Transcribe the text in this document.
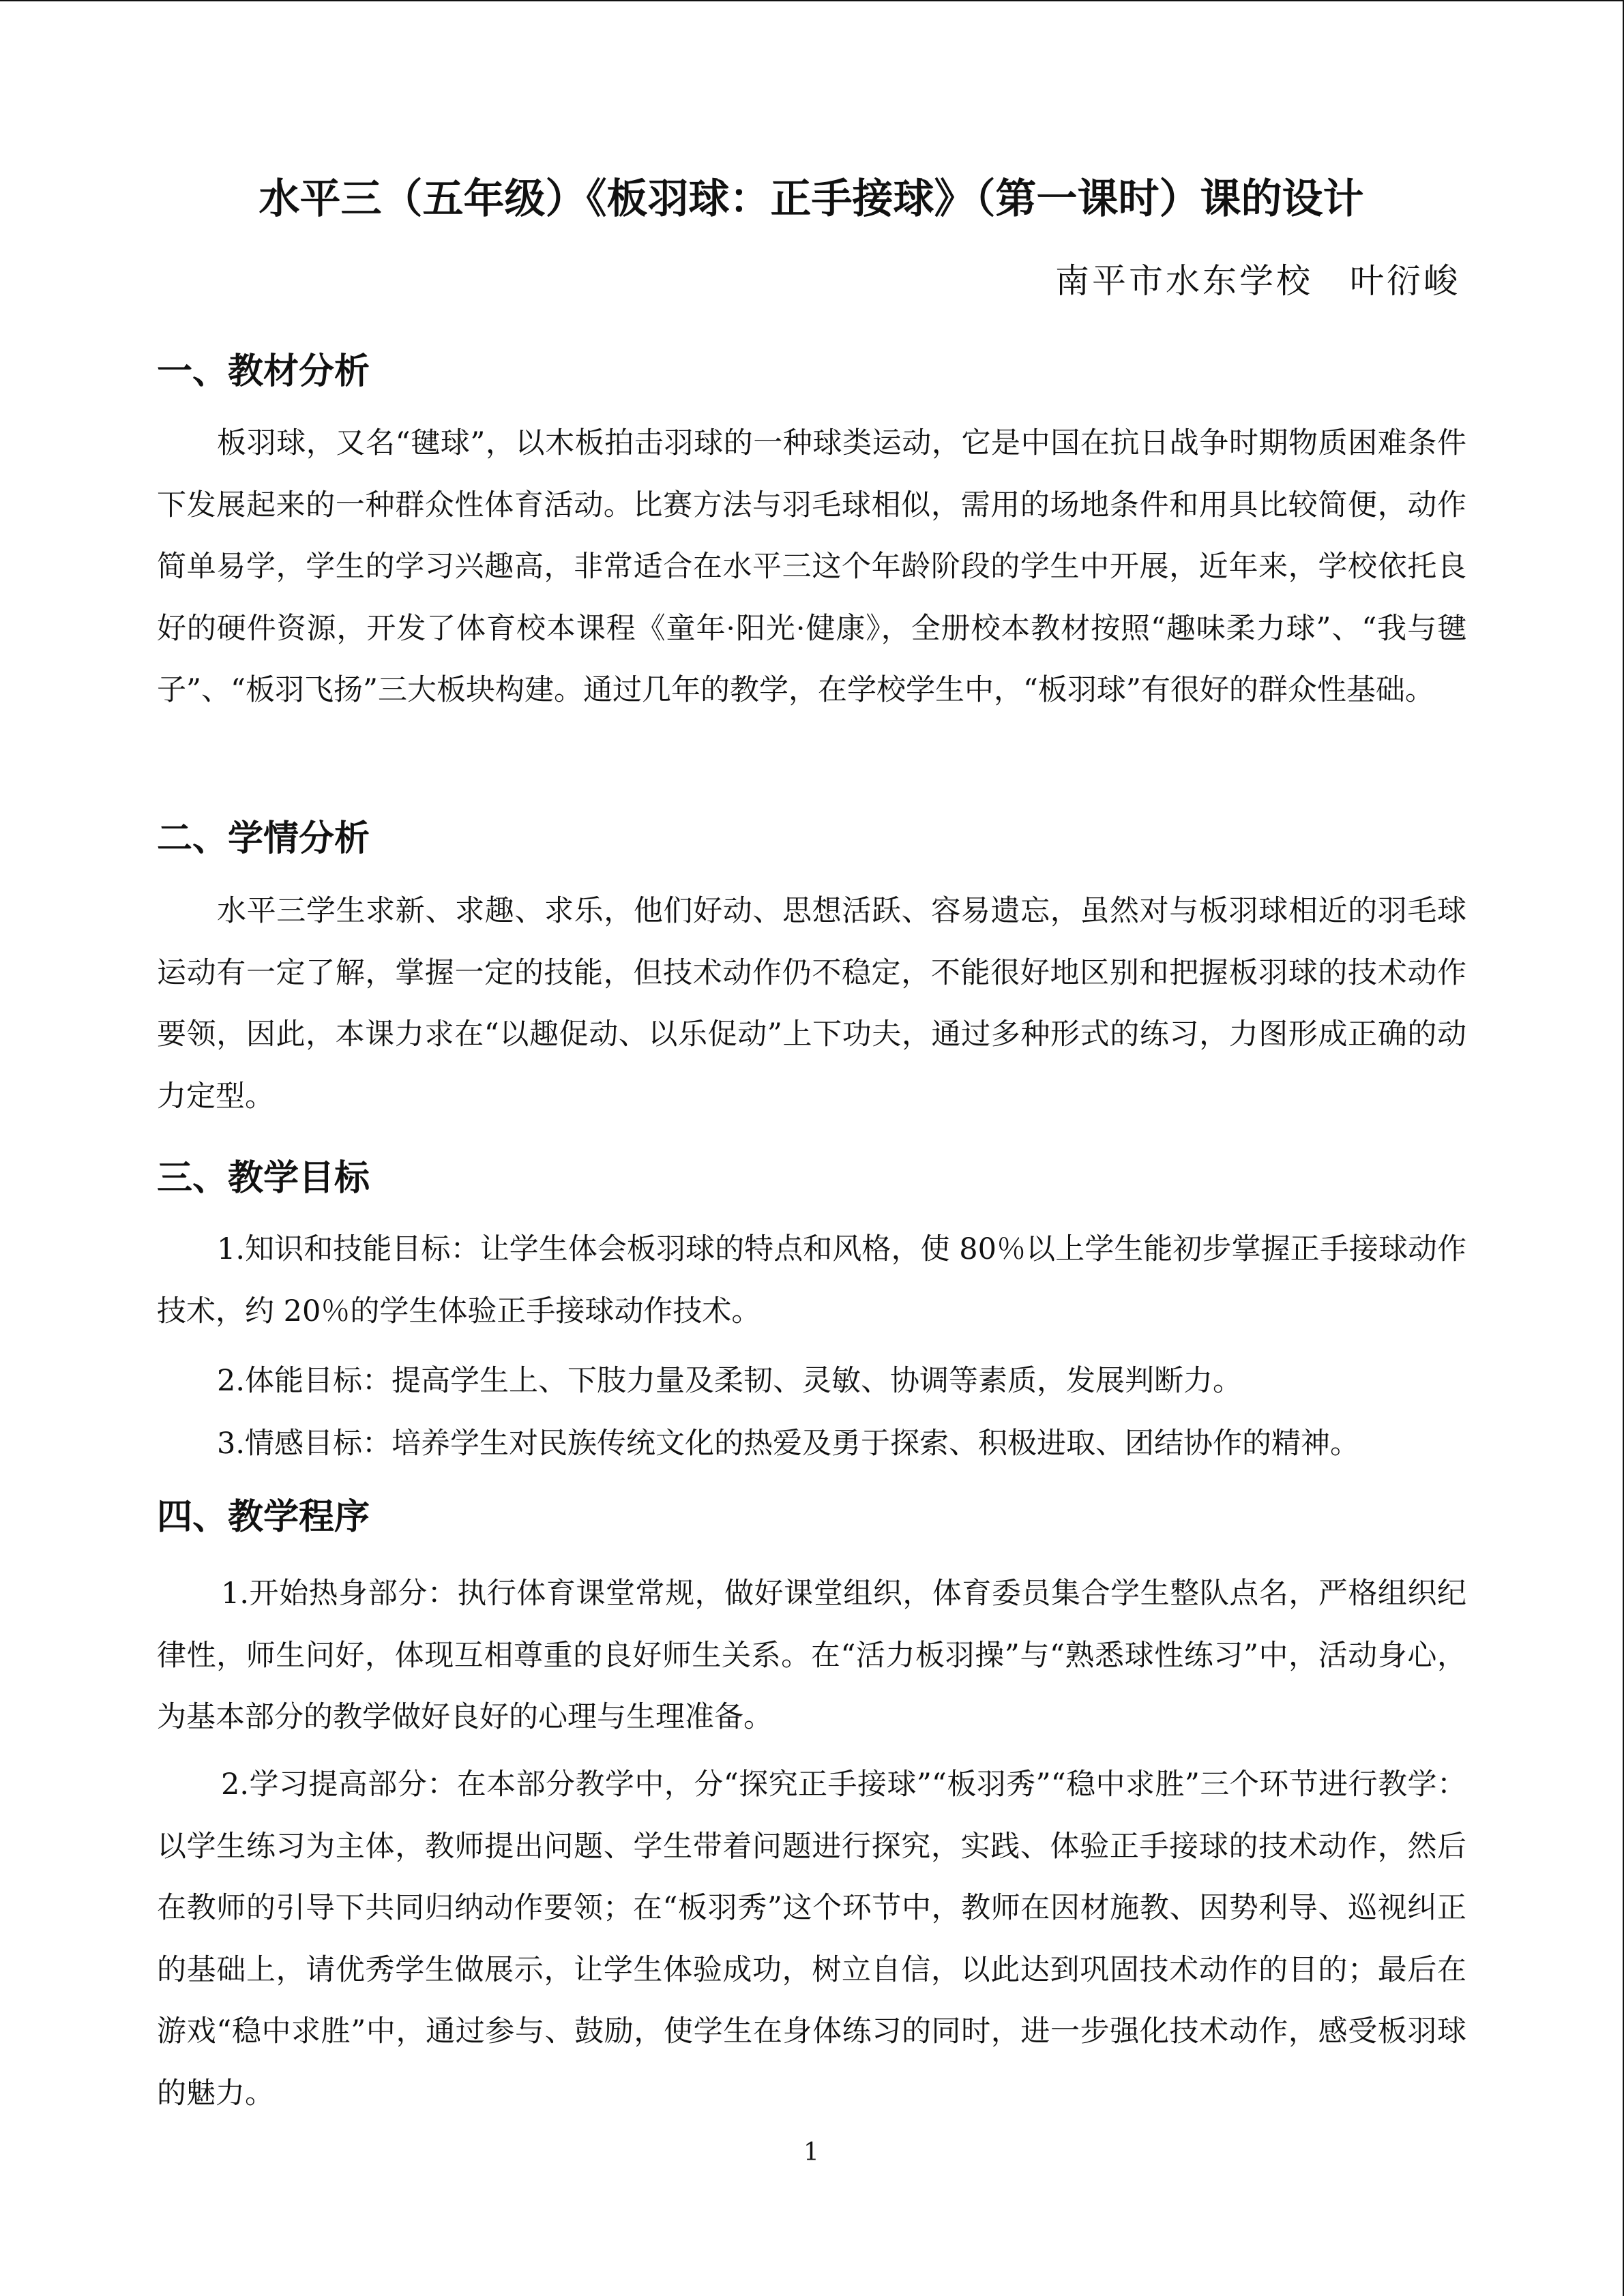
水平三（五年级）《板羽球：正手接球》（第一课时）课的设计
南平市水东学校　叶衍峻
一、教材分析

板羽球，又名“毽球”，以木板拍击羽球的一种球类运动，它是中国在抗日战争时期物质困难条件下发展起来的一种群众性体育活动。比赛方法与羽毛球相似，需用的场地条件和用具比较简便，动作简单易学，学生的学习兴趣高，非常适合在水平三这个年龄阶段的学生中开展，近年来，学校依托良好的硬件资源，开发了体育校本课程《童年·阳光·健康》，全册校本教材按照“趣味柔力球”、“我与毽子”、“板羽飞扬”三大板块构建。通过几年的教学，在学校学生中，“板羽球”有很好的群众性基础。

二、学情分析

水平三学生求新、求趣、求乐，他们好动、思想活跃、容易遗忘，虽然对与板羽球相近的羽毛球运动有一定了解，掌握一定的技能，但技术动作仍不稳定，不能很好地区别和把握板羽球的技术动作要领，因此，本课力求在“以趣促动、以乐促动”上下功夫，通过多种形式的练习，力图形成正确的动力定型。

三、教学目标

1.知识和技能目标：让学生体会板羽球的特点和风格，使 80％以上学生能初步掌握正手接球动作技术，约 20％的学生体验正手接球动作技术。

2.体能目标：提高学生上、下肢力量及柔韧、灵敏、协调等素质，发展判断力。

3.情感目标：培养学生对民族传统文化的热爱及勇于探索、积极进取、团结协作的精神。

四、教学程序

1.开始热身部分：执行体育课堂常规，做好课堂组织，体育委员集合学生整队点名，严格组织纪律性，师生问好，体现互相尊重的良好师生关系。在“活力板羽操”与“熟悉球性练习”中，活动身心，为基本部分的教学做好良好的心理与生理准备。

2.学习提高部分：在本部分教学中，分“探究正手接球”“板羽秀”“稳中求胜”三个环节进行教学：以学生练习为主体，教师提出问题、学生带着问题进行探究，实践、体验正手接球的技术动作，然后在教师的引导下共同归纳动作要领；在“板羽秀”这个环节中，教师在因材施教、因势利导、巡视纠正的基础上，请优秀学生做展示，让学生体验成功，树立自信，以此达到巩固技术动作的目的；最后在游戏“稳中求胜”中，通过参与、鼓励，使学生在身体练习的同时，进一步强化技术动作，感受板羽球的魅力。

1
